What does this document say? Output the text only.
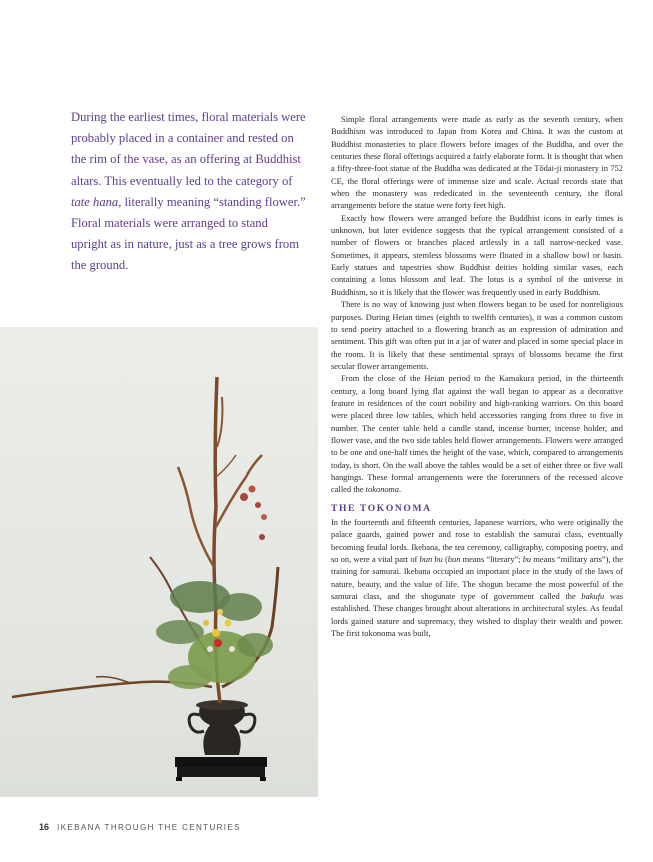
During the earliest times, floral materials were probably placed in a container and rested on the rim of the vase, as an offering at Buddhist altars. This eventually led to the category of tate hana, literally meaning “standing flower.” Floral materials were arranged to stand upright as in nature, just as a tree grows from the ground.

Simple floral arrangements were made as early as the seventh century, when Buddhism was introduced to Japan from Korea and China. It was the custom at Buddhist monasteries to place flowers before images of the Buddha, and over the centuries these floral offerings acquired a fairly elaborate form. It is thought that when a fifty-three-foot statue of the Buddha was dedicated at the Tōdai-ji monastery in 752 CE, the floral offerings were of immense size and scale. Actual records state that when the monastery was rededicated in the seventeenth century, the floral arrangements before the statue were forty feet high.

Exactly how flowers were arranged before the Buddhist icons in early times is unknown, but later evidence suggests that the typical arrangement consisted of a number of flowers or branches placed artlessly in a tall narrow-necked vase. Sometimes, it appears, stemless blossoms were floated in a shallow bowl or basin. Early statues and tapestries show Buddhist deities holding similar vases, each containing a lotus blossom and leaf. The lotus is a symbol of the universe in Buddhism, so it is likely that the flower was frequently used in early Buddhism.

There is no way of knowing just when flowers began to be used for nonreligious purposes. During Heian times (eighth to twelfth centuries), it was a common custom to send poetry attached to a flowering branch as an expression of admiration and sentiment. This gift was often put in a jar of water and placed in some special place in the room. It is likely that these sentimental sprays of blossoms became the first secular flower arrangements.

From the close of the Heian period to the Kamakura period, in the thirteenth century, a long board lying flat against the wall began to appear as a decorative feature in residences of the court nobility and high-ranking warriors. On this board were placed three low tables, which held accessories ranging from three to five in number. The center table held a candle stand, incense burner, incense holder, and flower vase, and the two side tables held flower arrangements. Flowers were arranged to be one and one-half times the height of the vase, which, compared to arrangements today, is short. On the wall above the tables would be a set of either three or five wall hangings. These formal arrangements were the forerunners of the recessed alcove called the tokonoma.

THE TOKONOMA

In the fourteenth and fifteenth centuries, Japanese warriors, who were originally the palace guards, gained power and rose to establish the samurai class, eventually becoming feudal lords. Ikebana, the tea ceremony, calligraphy, composing poetry, and so on, were a vital part of bun bu (bun means “literary”; bu means “military arts”), the training for samurai. Ikebana occupied an important place in the study of the laws of nature, beauty, and the value of life. The shogun became the most powerful of the samurai class, and the shogunate type of government called the bakufu was established. These changes brought about alterations in architectural styles. As feudal lords gained stature and supremacy, they wished to display their wealth and power. The first tokonoma was built,

16 IKEBANA THROUGH THE CENTURIES
